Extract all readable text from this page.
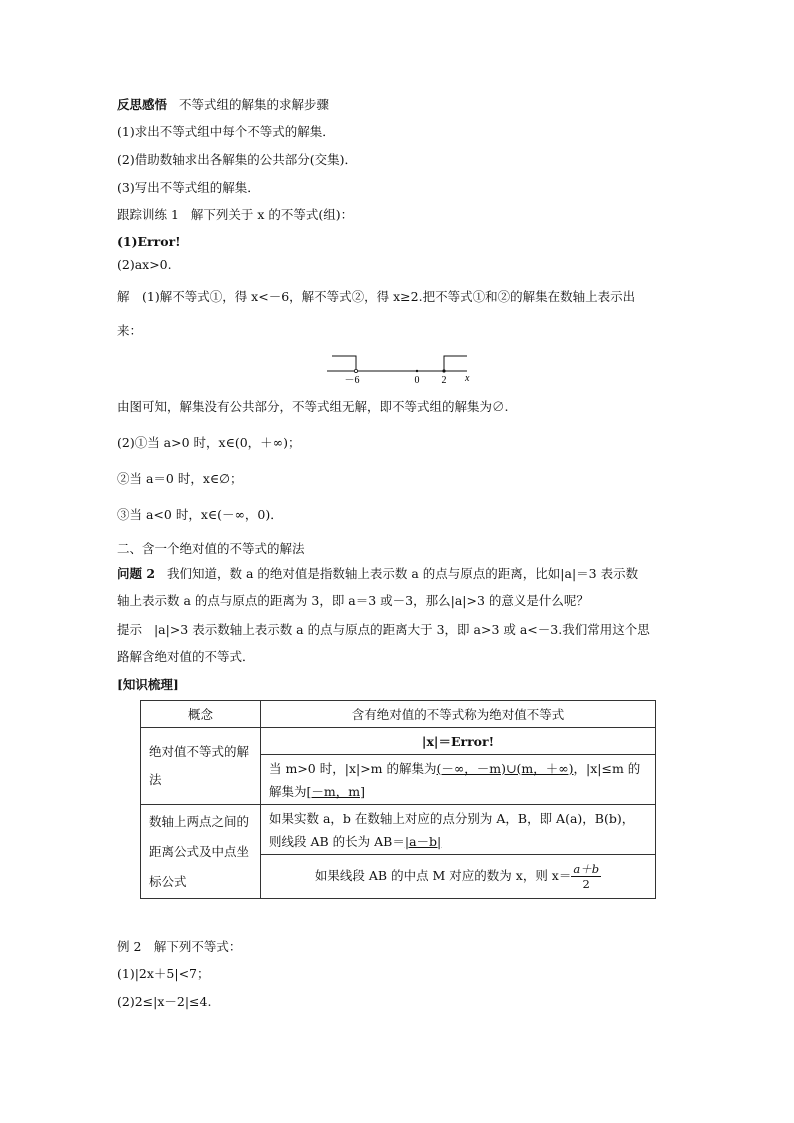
反思感悟 不等式组的解集的求解步骤
(1)求出不等式组中每个不等式的解集．
(2)借助数轴求出各解集的公共部分(交集)．
(3)写出不等式组的解集．
跟踪训练 1 解下列关于 x 的不等式(组)：
(1)Error!
(2)ax>0.
解　(1)解不等式①，得 x<－6，解不等式②，得 x≥2.把不等式①和②的解集在数轴上表示出
来：
－6	0 2 x
由图可知，解集没有公共部分，不等式组无解，即不等式组的解集为∅.
(2)①当 a>0 时，x∈(0，＋∞)；
②当 a＝0 时，x∈∅；
③当 a<0 时，x∈(－∞，0)．
二、含一个绝对值的不等式的解法
问题 2 我们知道，数 a 的绝对值是指数轴上表示数 a 的点与原点的距离，比如|a|＝3 表示数
轴上表示数 a 的点与原点的距离为 3，即 a＝3 或－3，那么|a|>3 的意义是什么呢？
提示 |a|>3 表示数轴上表示数 a 的点与原点的距离大于 3，即 a>3 或 a<－3.我们常用这个思
路解含绝对值的不等式．
[知识梳理]
概念	含有绝对值的不等式称为绝对值不等式
绝对值不等式的解法	|x|＝Error!
	当 m>0 时，|x|>m 的解集为(－∞，－m)∪(m，＋∞)，|x|≤m 的
解集为[－m，m]
数轴上两点之间的距离公式及中点坐标公式	如果实数 a，b 在数轴上对应的点分别为 A，B，即 A(a)，B(b)，
则线段 AB 的长为 AB＝|a－b|
	如果线段 AB 的中点 M 对应的数为 x，则 $x= \frac{a+b}{2}$
例 2　解下列不等式：
(1)|2x＋5|<7；
(2)2≤|x－2|≤4.
